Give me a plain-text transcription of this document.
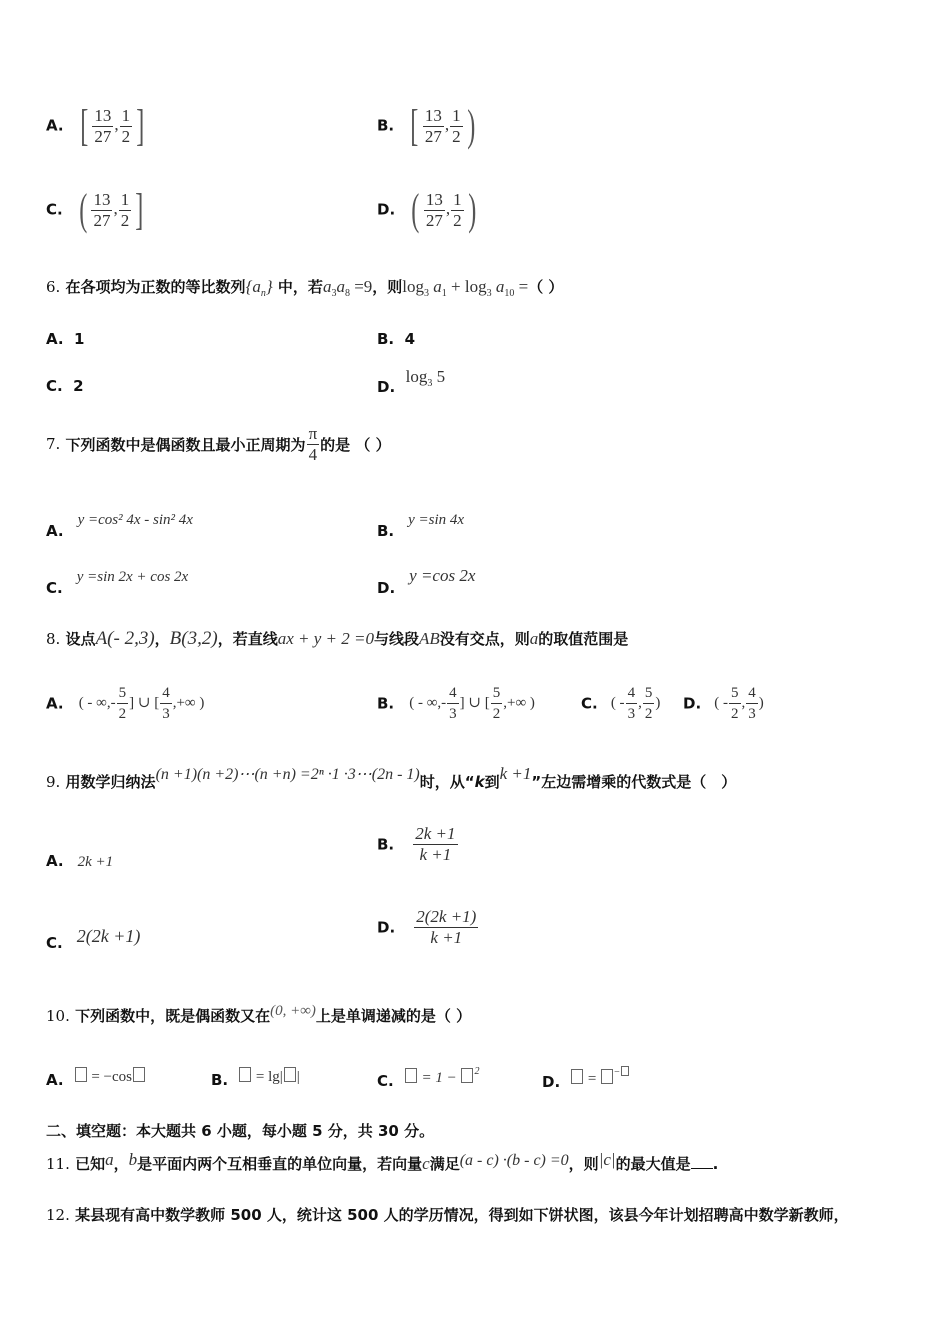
A. [ $\frac{13}{27}$ , $\frac{1}{2}$ ]	B. [ $\frac{13}{27}$ , $\frac{1}{2}$ )
C. ( $\frac{13}{27}$ , $\frac{1}{2}$ ]	D. ( $\frac{13}{27}$ , $\frac{1}{2}$ )
6. 在各项均为正数的等比数列$\{a_n\}$ 中，若$a_3a_8 =9$，则$\log_3 a_1 + \log_3 a_{10}$ =（ ）
A. 1	B. 4
C. 2	D.  $\log_3 5$
7. 下列函数中是偶函数且最小正周期为 $\frac{\pi}{4}$ 的是 （ ）
A.y =cos² 4x - sin² 4x
B.y =sin 4x
C.y =sin 2x + cos 2x
D.y =cos 2x
8. 设点A(- 2,3)，B(3,2)，若直线ax + y + 2 =0与线段AB没有交点，则a的取值范围是
A. ( - ∞,- $\frac{5}{2}$ ] ∪ [ $\frac{4}{3}$ ,+∞ )	B. ( - ∞,- $\frac{4}{3}$ ] ∪ [ $\frac{5}{2}$ ,+∞ )	C. ( - $\frac{4}{3}$ , $\frac{5}{2}$ ) D. ( - $\frac{5}{2}$ , $\frac{4}{3}$ )
9. 用数学归纳法(n +1)(n +2)⋯(n +n) =2ⁿ ·1 ·3⋯(2n - 1)时，从“k到k +1”左边需增乘的代数式是（　）
A. 2k +1
B. $\frac{2k +1}{k +1}$
C. 2(2k +1)	D. $\frac{2(2k +1)}{k +1}$
10. 下列函数中，既是偶函数又在(0, +∞)上是单调递减的是（ ）
A. = −cos	B. = lg| |	C. = 1 − $^2$
D. = −
二、填空题：本大题共 6 小题，每小题 5 分，共 30 分。
11. 已知a，b是平面内两个互相垂直的单位向量，若向量c满足(a - c) ·(b - c) =0，则|c|的最大值是 .
12. 某县现有高中数学教师 500 人，统计这 500 人的学历情况，得到如下饼状图，该县今年计划招聘高中数学新教师，
